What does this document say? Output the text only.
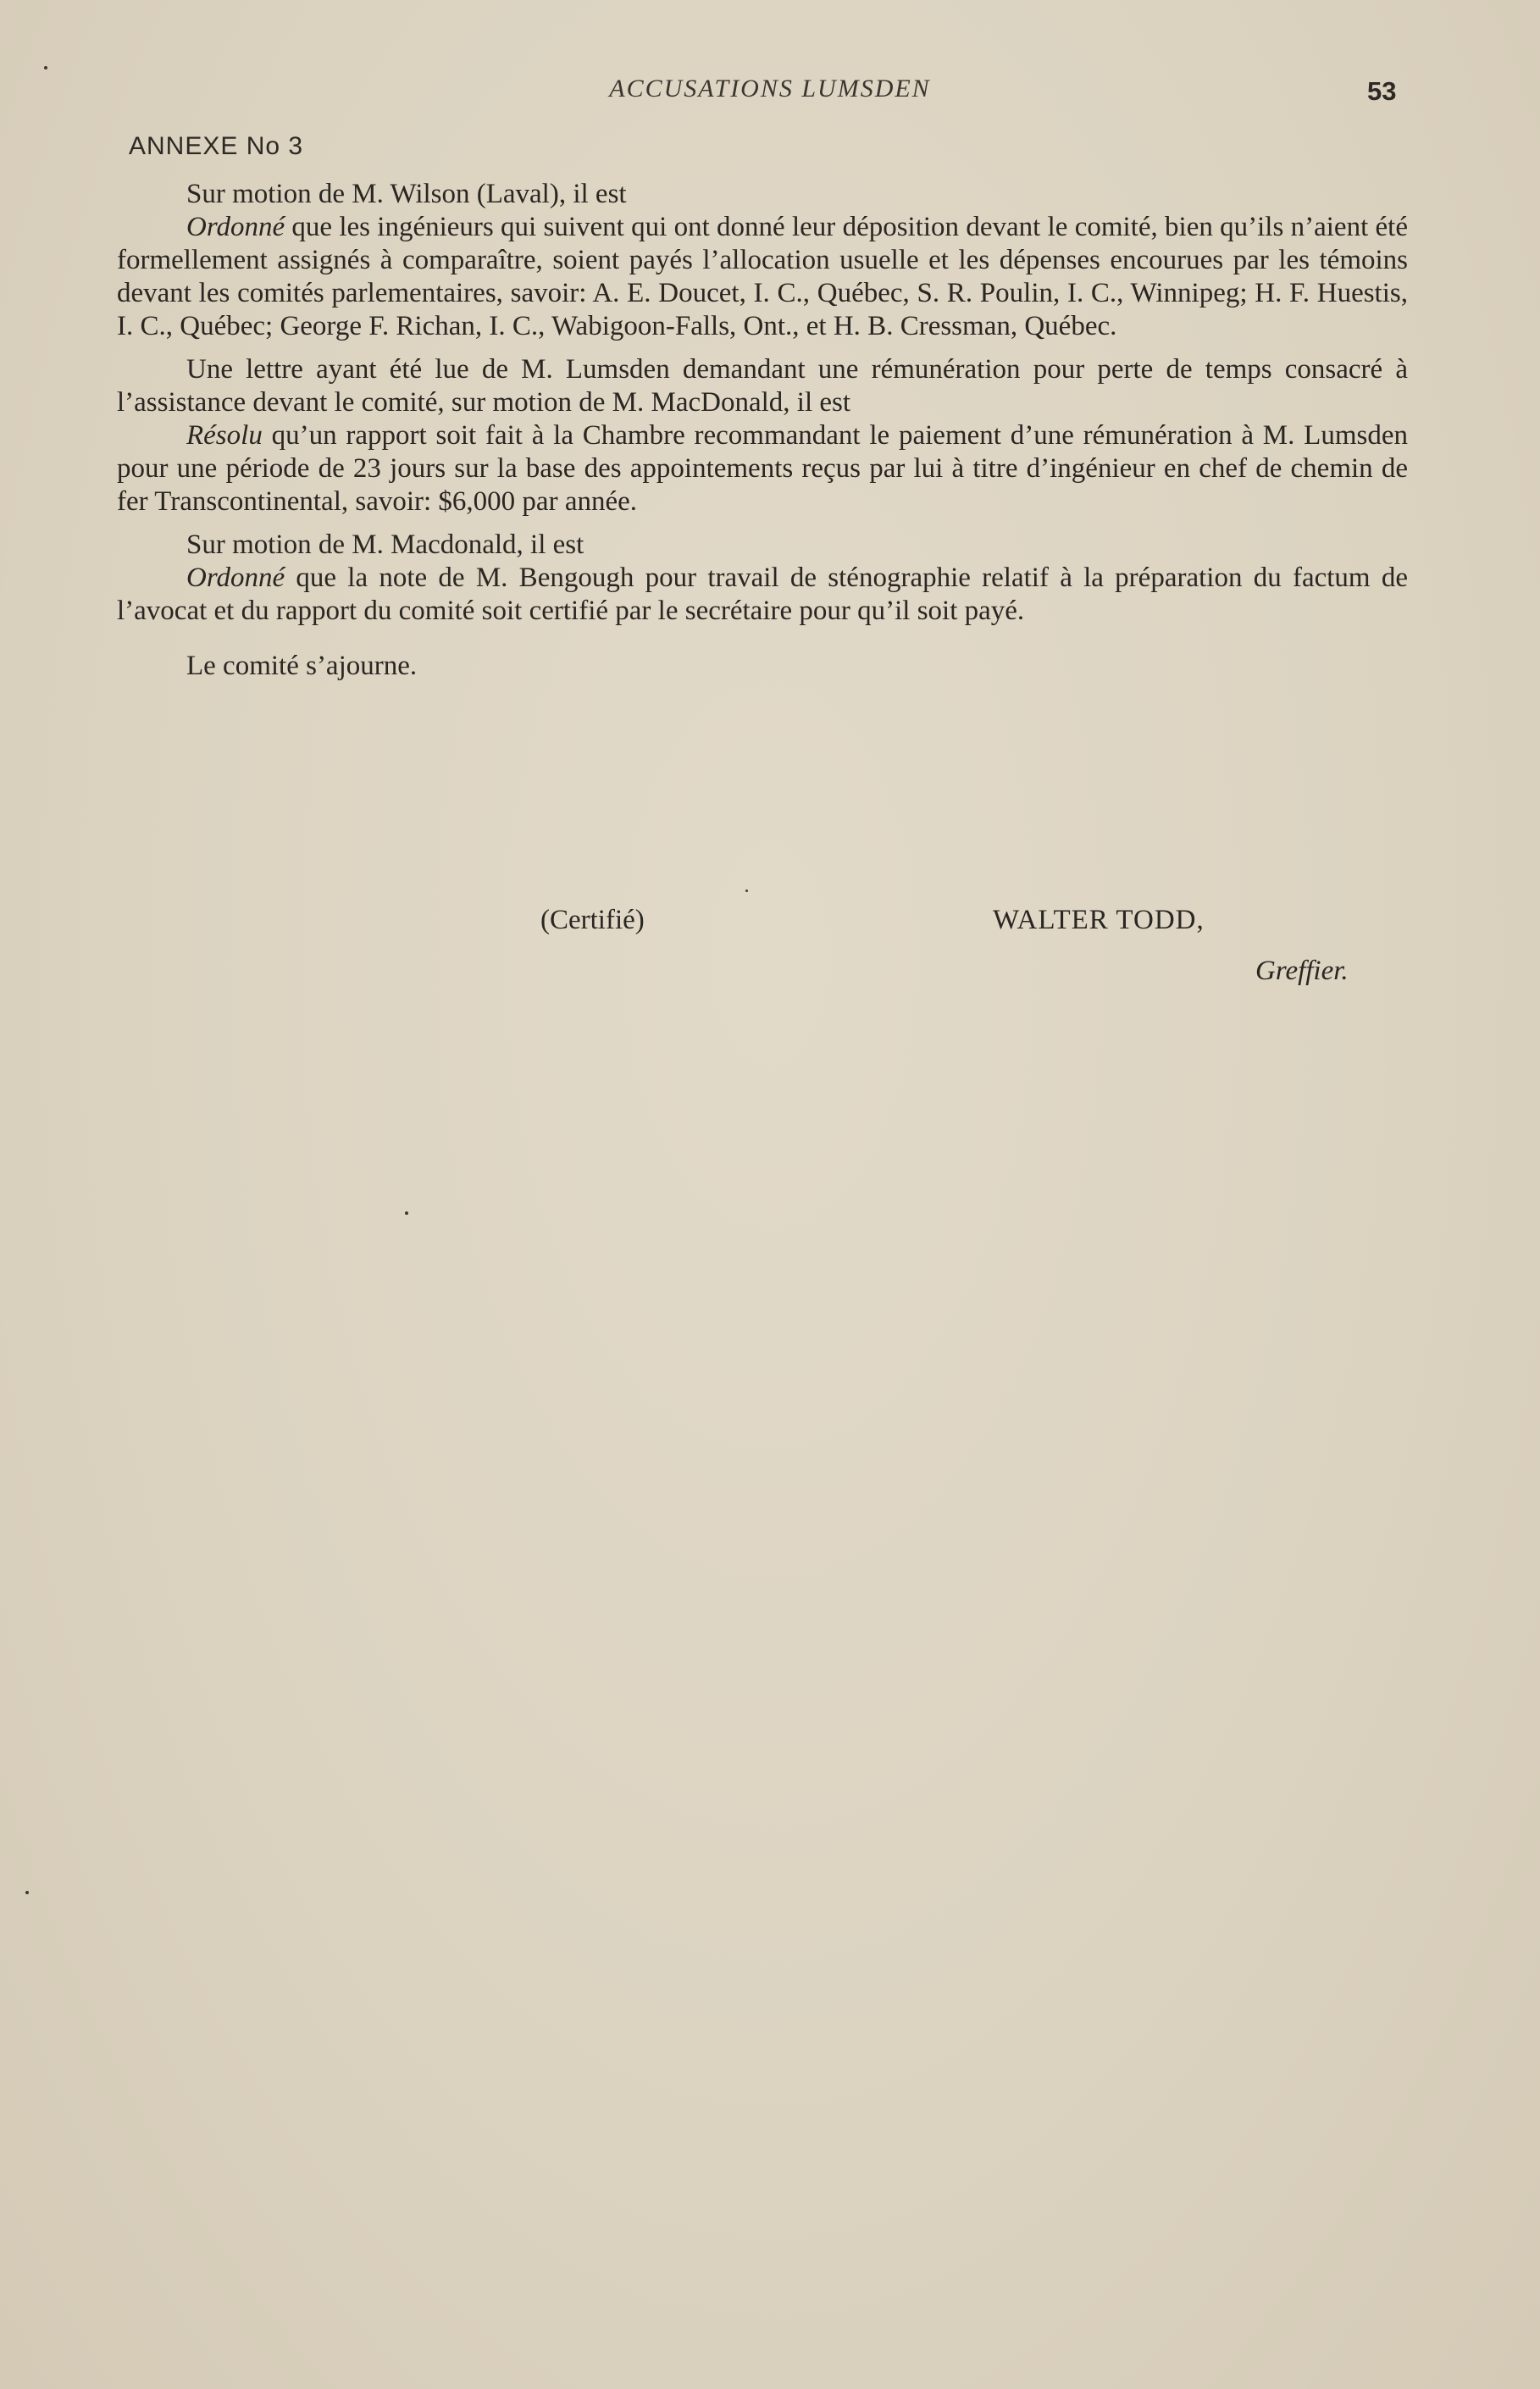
ACCUSATIONS LUMSDEN	53
ANNEXE No 3

Sur motion de M. Wilson (Laval), il est

Ordonné que les ingénieurs qui suivent qui ont donné leur déposition devant le comité, bien qu’ils n’aient été formellement assignés à comparaître, soient payés l’allocation usuelle et les dépenses encourues par les témoins devant les comités parlementaires, savoir: A. E. Doucet, I. C., Québec, S. R. Poulin, I. C., Winnipeg; H. F. Huestis, I. C., Québec; George F. Richan, I. C., Wabigoon-Falls, Ont., et H. B. Cressman, Québec.

Une lettre ayant été lue de M. Lumsden demandant une rémunération pour perte de temps consacré à l’assistance devant le comité, sur motion de M. MacDonald, il est

Résolu qu’un rapport soit fait à la Chambre recommandant le paiement d’une rémunération à M. Lumsden pour une période de 23 jours sur la base des appointements reçus par lui à titre d’ingénieur en chef de chemin de fer Transcontinental, savoir: $6,000 par année.

Sur motion de M. Macdonald, il est

Ordonné que la note de M. Bengough pour travail de sténographie relatif à la préparation du factum de l’avocat et du rapport du comité soit certifié par le secrétaire pour qu’il soit payé.

Le comité s’ajourne.

(Certifié)	WALTER TODD,
Greffier.
